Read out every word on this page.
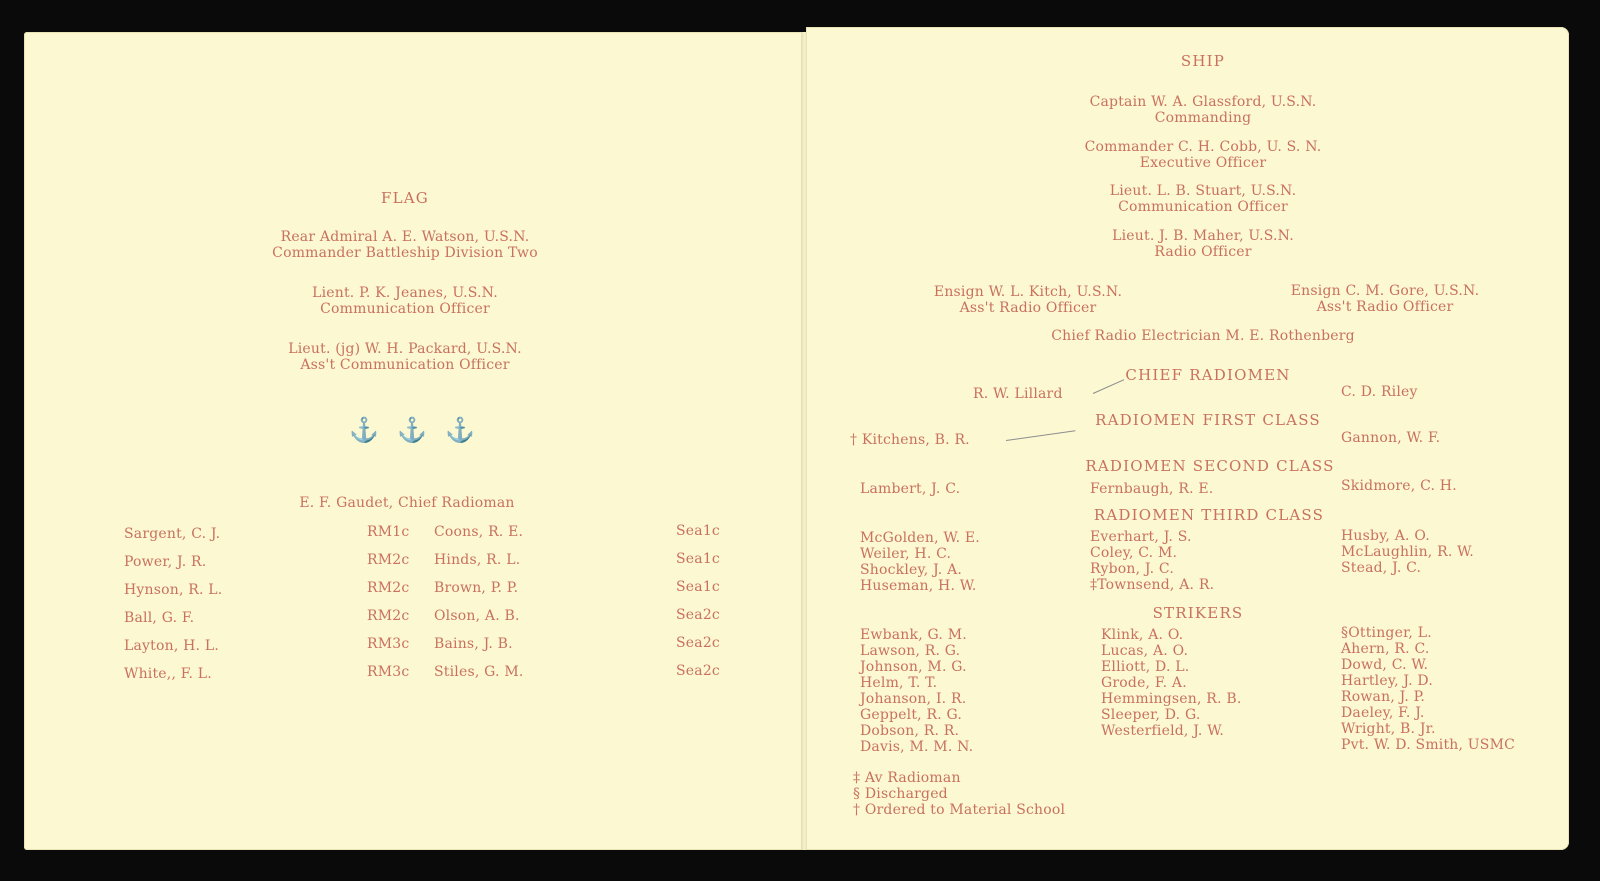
FLAG
Rear Admiral A. E. Watson, U.S.N.
Commander Battleship Division Two
Lient. P. K. Jeanes, U.S.N.
Communication Officer
Lieut. (jg) W. H. Packard, U.S.N.
Ass't Communication Officer
⚓ ⚓ ⚓
E. F. Gaudet, Chief Radioman
Sargent, C. J.	RM1c Coons, R. E.	Sea1c
Power, J. R.	RM2c Hinds, R. L.	Sea1c
Hynson, R. L.	RM2c Brown, P. P.	Sea1c
Ball, G. F.	RM2c Olson, A. B.	Sea2c
Layton, H. L.	RM3c Bains, J. B.	Sea2c
White,, F. L.	RM3c Stiles, G. M.	Sea2c
SHIP
Captain W. A. Glassford, U.S.N.
Commanding
Commander C. H. Cobb, U. S. N.
Executive Officer
Lieut. L. B. Stuart, U.S.N.
Communication Officer
Lieut. J. B. Maher, U.S.N.
Radio Officer
Ensign W. L. Kitch, U.S.N.
Ass't Radio Officer
Ensign C. M. Gore, U.S.N.
Ass't Radio Officer
Chief Radio Electrician M. E. Rothenberg
CHIEF RADIOMEN
R. W. Lillard	C. D. Riley
RADIOMEN FIRST CLASS
† Kitchens, B. R.	Gannon, W. F.
RADIOMEN SECOND CLASS
Lambert, J. C.	Fernbaugh, R. E.	Skidmore, C. H.
RADIOMEN THIRD CLASS
McGolden, W. E.
Weiler, H. C.
Shockley, J. A.
Huseman, H. W.
Everhart, J. S.
Coley, C. M.
Rybon, J. C.
‡Townsend, A. R.
Husby, A. O.
McLaughlin, R. W.
Stead, J. C.
STRIKERS
Ewbank, G. M.
Lawson, R. G.
Johnson, M. G.
Helm, T. T.
Johanson, I. R.
Geppelt, R. G.
Dobson, R. R.
Davis, M. M. N.
Klink, A. O.
Lucas, A. O.
Elliott, D. L.
Grode, F. A.
Hemmingsen, R. B.
Sleeper, D. G.
Westerfield, J. W.
§Ottinger, L.
Ahern, R. C.
Dowd, C. W.
Hartley, J. D.
Rowan, J. P.
Daeley, F. J.
Wright, B. Jr.
Pvt. W. D. Smith, USMC
‡ Av Radioman
§ Discharged
† Ordered to Material School
